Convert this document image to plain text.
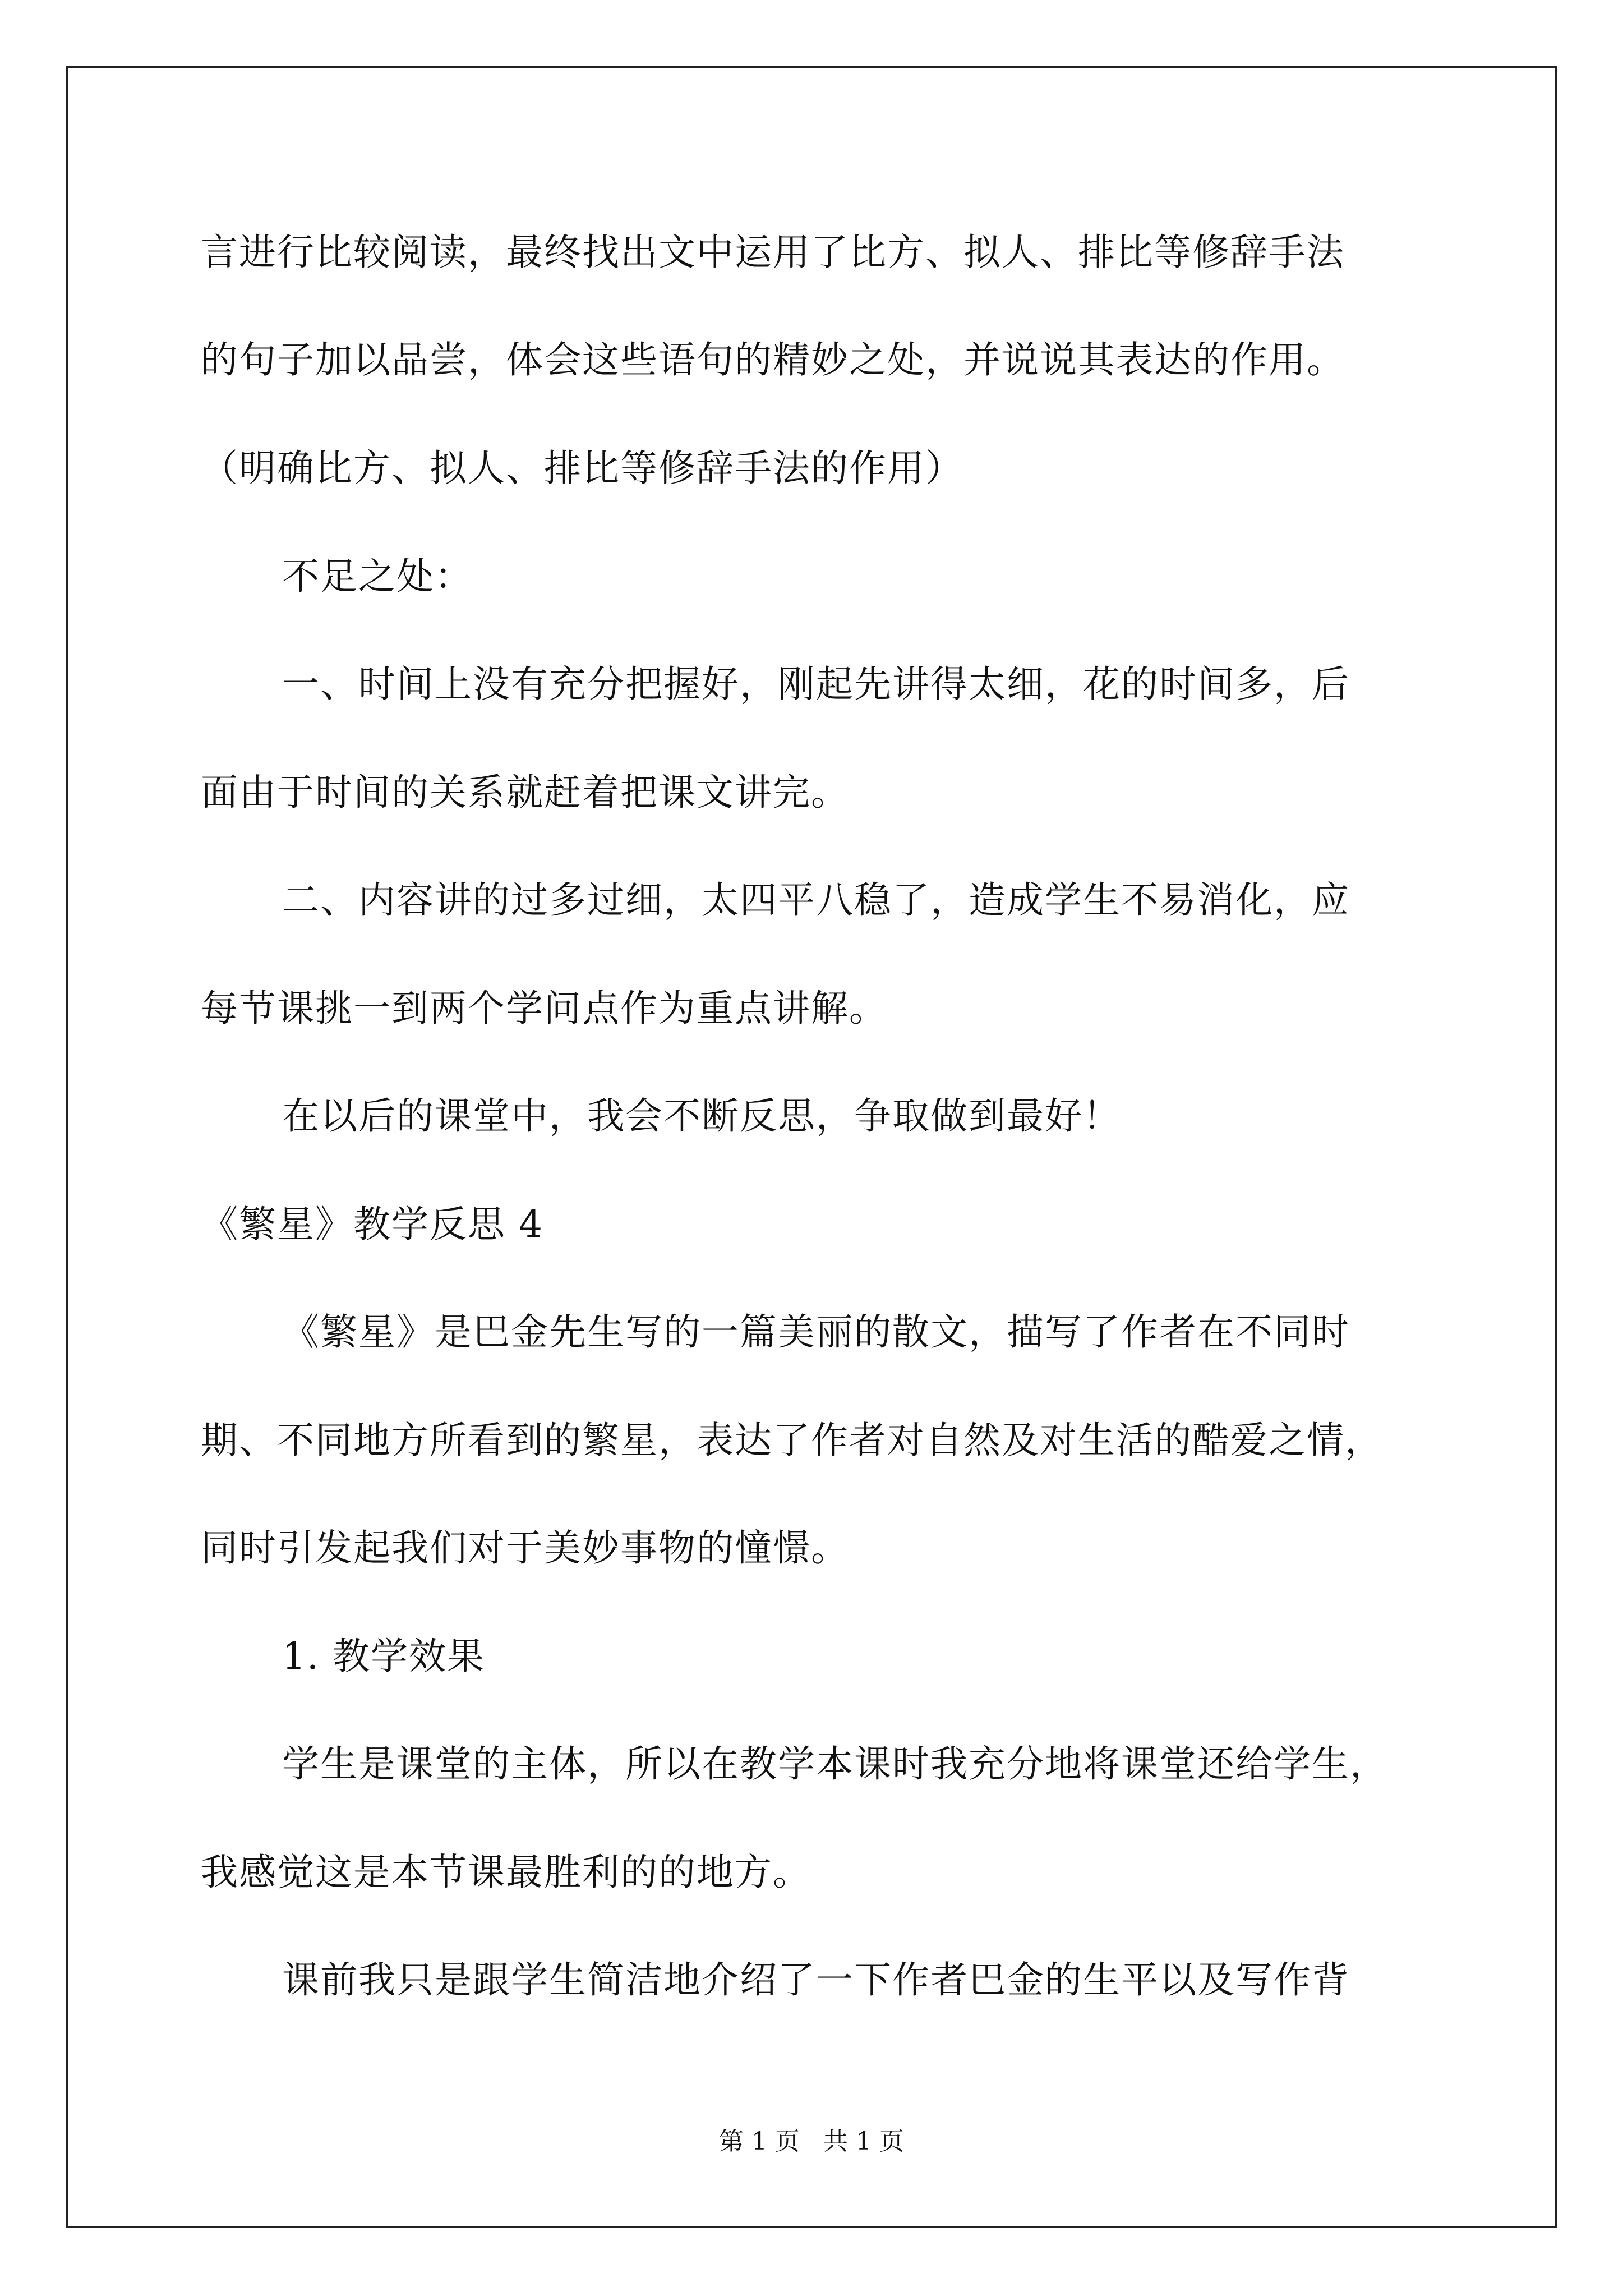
言进行比较阅读，最终找出文中运用了比方、拟人、排比等修辞手法
的句子加以品尝，体会这些语句的精妙之处，并说说其表达的作用。
（明确比方、拟人、排比等修辞手法的作用）
不足之处：
一、时间上没有充分把握好，刚起先讲得太细，花的时间多，后
面由于时间的关系就赶着把课文讲完。
二、内容讲的过多过细，太四平八稳了，造成学生不易消化，应
每节课挑一到两个学问点作为重点讲解。
在以后的课堂中，我会不断反思，争取做到最好！
《繁星》教学反思 4
《繁星》是巴金先生写的一篇美丽的散文，描写了作者在不同时
期、不同地方所看到的繁星，表达了作者对自然及对生活的酷爱之情，
同时引发起我们对于美妙事物的憧憬。
1. 教学效果
学生是课堂的主体，所以在教学本课时我充分地将课堂还给学生，
我感觉这是本节课最胜利的的地方。
课前我只是跟学生简洁地介绍了一下作者巴金的生平以及写作背
第 1 页   共 1 页
